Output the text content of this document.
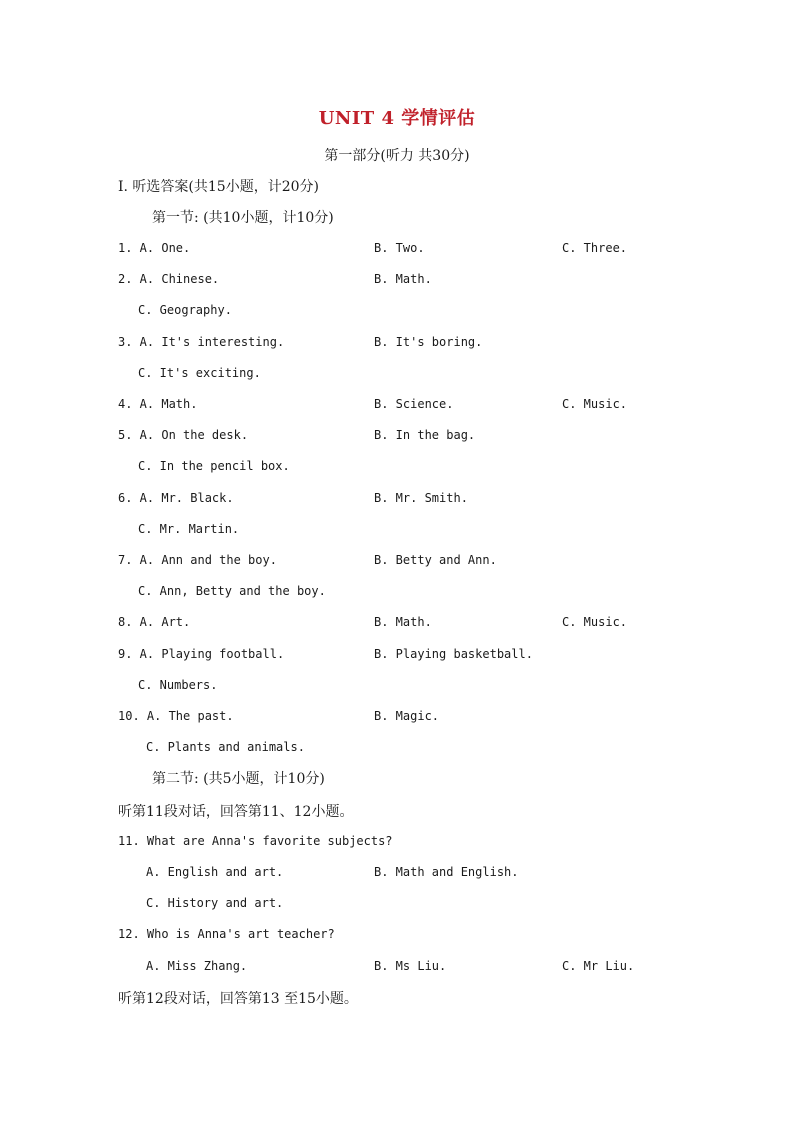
UNIT 4 学情评估
第一部分(听力 共30分)
Ⅰ. 听选答案(共15小题，计20分)
第一节: (共10小题，计10分)
1. A. One.	B. Two.	C. Three.
2. A. Chinese.	B. Math.
C. Geography.
3. A. It's interesting.	B. It's boring.
C. It's exciting.
4. A. Math.	B. Science.	C. Music.
5. A. On the desk.	B. In the bag.
C. In the pencil box.
6. A. Mr. Black.	B. Mr. Smith.
C. Mr. Martin.
7. A. Ann and the boy.	B. Betty and Ann.
C. Ann, Betty and the boy.
8. A. Art.	B. Math.	C. Music.
9. A. Playing football.	B. Playing basketball.
C. Numbers.
10. A. The past.	B. Magic.
C. Plants and animals.
第二节: (共5小题，计10分)
听第11段对话，回答第11、12小题。
11. What are Anna's favorite subjects?
A. English and art.	B. Math and English.
C. History and art.
12. Who is Anna's art teacher?
A. Miss Zhang.	B. Ms Liu.	C. Mr Liu.
听第12段对话，回答第13 至15小题。
